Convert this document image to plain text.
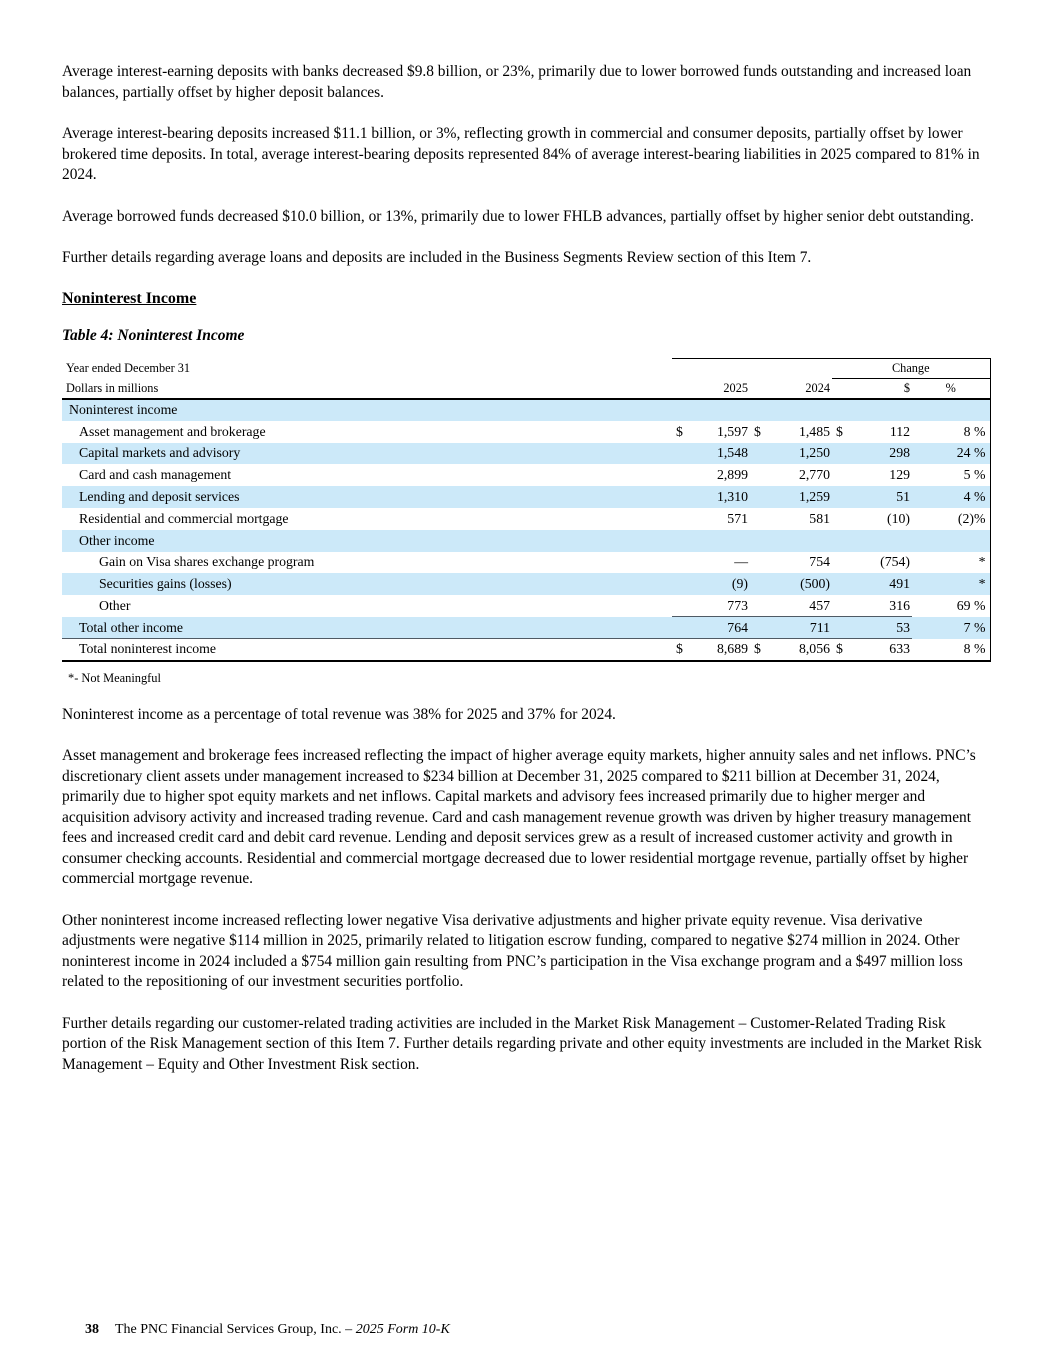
Average interest-earning deposits with banks decreased $9.8 billion, or 23%, primarily due to lower borrowed funds outstanding and increased loan balances, partially offset by higher deposit balances.

Average interest-bearing deposits increased $11.1 billion, or 3%, reflecting growth in commercial and consumer deposits, partially offset by lower brokered time deposits. In total, average interest-bearing deposits represented 84% of average interest-bearing liabilities in 2025 compared to 81% in 2024.

Average borrowed funds decreased $10.0 billion, or 13%, primarily due to lower FHLB advances, partially offset by higher senior debt outstanding.

Further details regarding average loans and deposits are included in the Business Segments Review section of this Item 7.

Noninterest Income
Table 4: Noninterest Income
Year ended December 31					Change		
Dollars in millions		2025		2024		$	%
Noninterest income							
Asset management and brokerage	$	1,597	$	1,485	$	112	8 %
Capital markets and advisory		1,548		1,250		298	24 %
Card and cash management		2,899		2,770		129	5 %
Lending and deposit services		1,310		1,259		51	4 %
Residential and commercial mortgage		571		581		(10)	(2)%
Other income							
Gain on Visa shares exchange program		—		754		(754)	*
Securities gains (losses)		(9)		(500)		491	*
Other		773		457		316	69 %
Total other income		764		711		53	7 %
Total noninterest income	$	8,689	$	8,056	$	633	8 %
*- Not Meaningful

Noninterest income as a percentage of total revenue was 38% for 2025 and 37% for 2024.

Asset management and brokerage fees increased reflecting the impact of higher average equity markets, higher annuity sales and net inflows. PNC’s discretionary client assets under management increased to $234 billion at December 31, 2025 compared to $211 billion at December 31, 2024, primarily due to higher spot equity markets and net inflows. Capital markets and advisory fees increased primarily due to higher merger and acquisition advisory activity and increased trading revenue. Card and cash management revenue growth was driven by higher treasury management fees and increased credit card and debit card revenue. Lending and deposit services grew as a result of increased customer activity and growth in consumer checking accounts. Residential and commercial mortgage decreased due to lower residential mortgage revenue, partially offset by higher commercial mortgage revenue.

Other noninterest income increased reflecting lower negative Visa derivative adjustments and higher private equity revenue. Visa derivative adjustments were negative $114 million in 2025, primarily related to litigation escrow funding, compared to negative $274 million in 2024. Other noninterest income in 2024 included a $754 million gain resulting from PNC’s participation in the Visa exchange program and a $497 million loss related to the repositioning of our investment securities portfolio.

Further details regarding our customer-related trading activities are included in the Market Risk Management – Customer-Related Trading Risk portion of the Risk Management section of this Item 7. Further details regarding private and other equity investments are included in the Market Risk Management – Equity and Other Investment Risk section.

38 The PNC Financial Services Group, Inc. – 2025 Form 10-K
